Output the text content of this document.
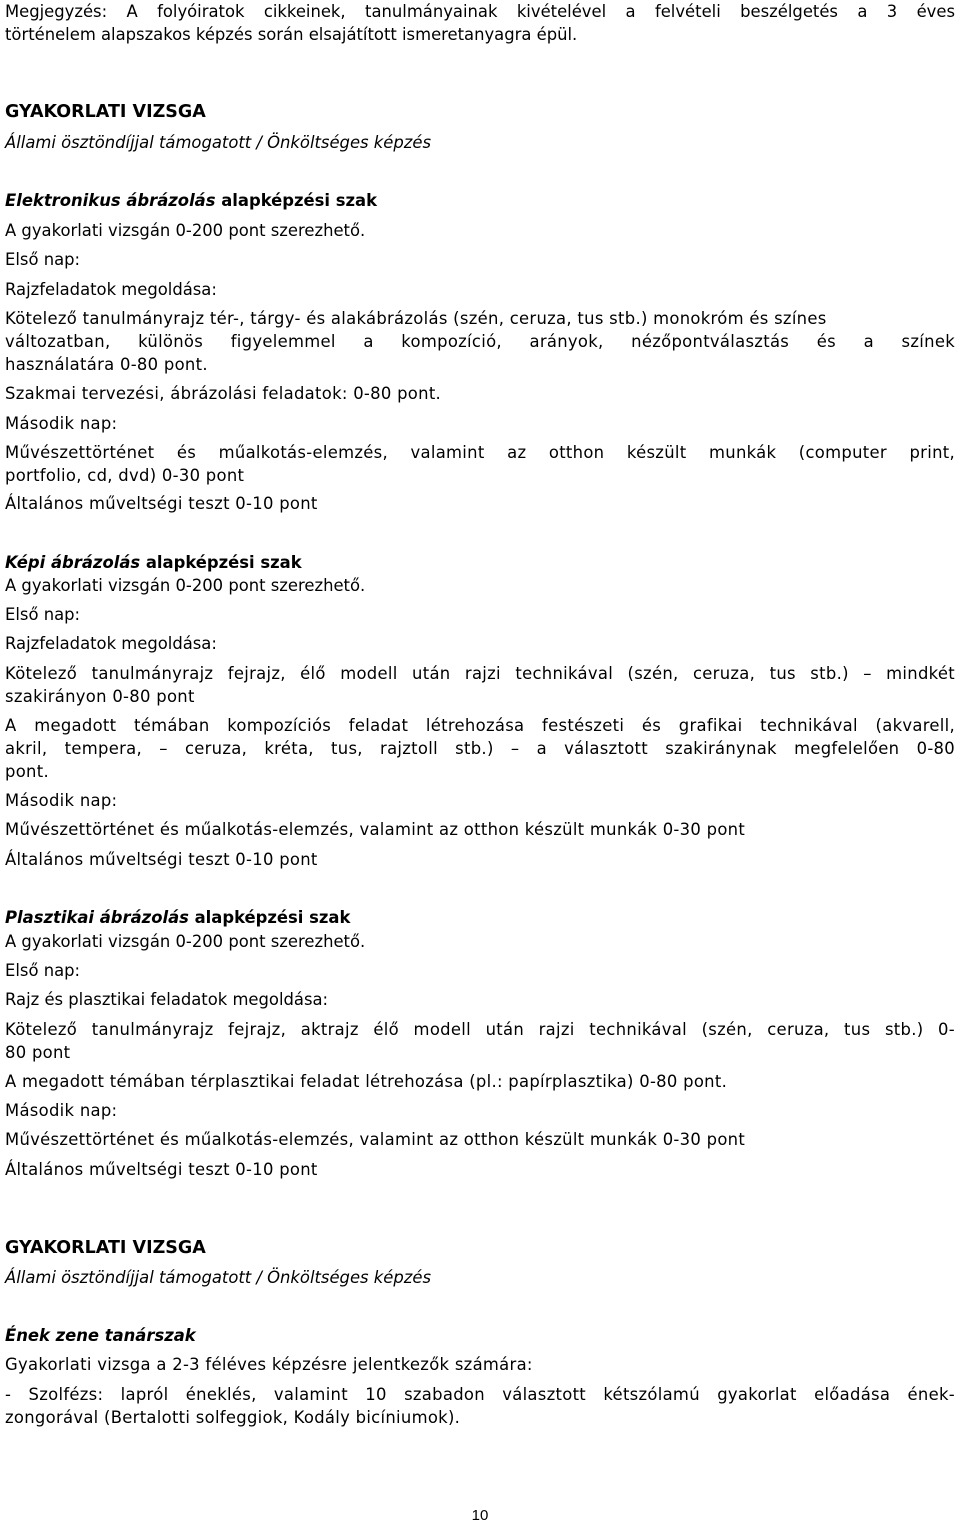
Megjegyzés: A folyóiratok cikkeinek, tanulmányainak kivételével a felvételi beszélgetés a 3 éves
történelem alapszakos képzés során elsajátított ismeretanyagra épül.
GYAKORLATI VIZSGA
Állami ösztöndíjjal támogatott / Önköltséges képzés
Elektronikus ábrázolás alapképzési szak
A gyakorlati vizsgán 0-200 pont szerezhető.
Első nap:
Rajzfeladatok megoldása:
Kötelező tanulmányrajz tér-, tárgy- és alakábrázolás (szén, ceruza, tus stb.) monokróm és színes
változatban, különös figyelemmel a kompozíció, arányok, nézőpontválasztás és a színek
használatára 0-80 pont.
Szakmai tervezési, ábrázolási feladatok: 0-80 pont.
Második nap:
Művészettörténet és műalkotás-elemzés, valamint az otthon készült munkák (computer print,
portfolio, cd, dvd) 0-30 pont
Általános műveltségi teszt 0-10 pont
Képi ábrázolás alapképzési szak
A gyakorlati vizsgán 0-200 pont szerezhető.
Első nap:
Rajzfeladatok megoldása:
Kötelező tanulmányrajz fejrajz, élő modell után rajzi technikával (szén, ceruza, tus stb.) – mindkét
szakirányon 0-80 pont
A megadott témában kompozíciós feladat létrehozása festészeti és grafikai technikával (akvarell,
akril, tempera, – ceruza, kréta, tus, rajztoll stb.) – a választott szakiránynak megfelelően 0-80
pont.
Második nap:
Művészettörténet és műalkotás-elemzés, valamint az otthon készült munkák 0-30 pont
Általános műveltségi teszt 0-10 pont
Plasztikai ábrázolás alapképzési szak
A gyakorlati vizsgán 0-200 pont szerezhető.
Első nap:
Rajz és plasztikai feladatok megoldása:
Kötelező tanulmányrajz fejrajz, aktrajz élő modell után rajzi technikával (szén, ceruza, tus stb.) 0-
80 pont
A megadott témában térplasztikai feladat létrehozása (pl.: papírplasztika) 0-80 pont.
Második nap:
Művészettörténet és műalkotás-elemzés, valamint az otthon készült munkák 0-30 pont
Általános műveltségi teszt 0-10 pont
GYAKORLATI VIZSGA
Állami ösztöndíjjal támogatott / Önköltséges képzés
Ének zene tanárszak
Gyakorlati vizsga a 2-3 féléves képzésre jelentkezők számára:
- Szolfézs: lapról éneklés, valamint 10 szabadon választott kétszólamú gyakorlat előadása ének-
zongorával (Bertalotti solfeggiok, Kodály bicíniumok).
10
